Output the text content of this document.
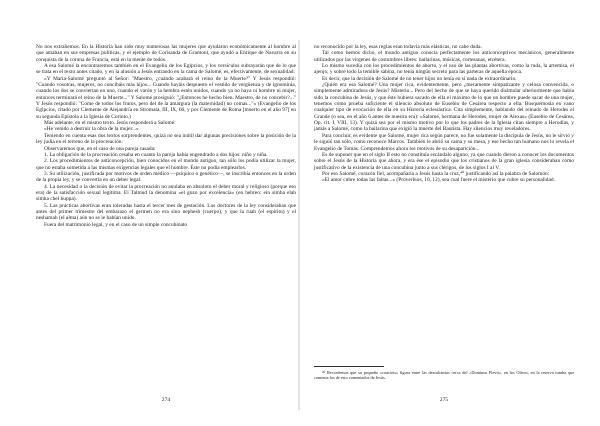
No nos extrañemos. En la Historia han sido muy numerosas las mujeres que ayudaron económicamente al hombre al que amaban en sus empresas políticas, y el ejemplo de Corisanda de Gramont, que ayudó a Enrique de Navarra en su conquista de la corona de Francia, está en la mente de todos.

A esa Salomé la encontraremos también en el Evangelio de los Egipcios, y los versículos subrayarán que de lo que se trata en el texto antes citado, y en la alusión a Jesús entrando en la cama de Salomé, es, efectivamente, de sexualidad:

«Y María-Salomé preguntó al Señor: "Maestro, ¿cuándo acabará el reino de la Muerte?" Y Jesús respondió: "Cuando vosotras, mujeres, no concibáis más hijos... Cuando hayáis despuesto el vestido de vergüenza y de ignominia, cuando los dos se conviertan en uno, cuando el varón y la hembra estén unidos, cuando ya no haya ni hombre ni mujer, entonces terminará el reino de la Muerte..." Y Salomé prosiguió: "¿Entonces he hecho bien. Maestro, de no concebir?..." Y Jesús respondió: "Come de todos los frutos, pero del de la amargura (la maternidad) no comas..."» (Evangelio de los Egipcios, citado por Clemente de Alejandría en Stromata, III, IX, 66, y por Clemente de Roma [muerto en el año 97] en su segunda Epístola a la Iglesia de Corinto.)

Más adelante, en el mismo texto. Jesús responderá a Salomé:

«He venido a destruir la obra de la mujer...»

Teniendo en cuenta esas dos textos sorprendentes, quizá no sea inútil dar algunas precisiones sobre la posición de la ley judía en el terreno de la procreación:

Observaremos que, en el caso de una pareja casada:

1. La obligación de la procreación cesaba en cuanto la pareja había engendrado a dos hijos: niño y niña.

2. Los procedimientos de anticoncepción, bien conocidos en el mundo antiguo, tan sólo los podía utilizar la mujer, que no estaba sometida a las mismas exigencias legales que el hombre. Éste no podía emplearlos.

3. Su utilización, justificada por motivos de orden médico —psíquico o genético—, se inscribía entonces en la orden de la propia ley, y se convertía en un deber legal.

4. La necesidad o la decisión de evitar la procreación no anulaba en absoluto el deber moral y religioso (porque eso era) de la satisfacción sexual legítima. El Talmud la denomina «el gozo por excelencia» (en hebreo: ein simha elah simha chel huppa).

5. Las prácticas abortivas eran toleradas hasta el tercer mes de gestación. Los doctores de la ley consideraban que antes del primer trimestre del embarazo el germen no era sino nephesh (cuerpo), y que la ruah (el espíritu) y el neshamah (el alma) aún no se le habían unido.

Fuera del matrimonio legal, y en el caso de un simple concubinato

274

no reconocido por la ley, esas reglas eran todavía más elásticas, no cabe duda.

Tal como hemos dicho, el mundo antiguo conocía perfectamente los anticonceptivos mecánicos, generalmente utilizados por las vírgenes de costumbres libres: bailarinas, músicas, cortesanas, etcétera.

Lo mismo sucedía con los procedimientos de aborto, y el uso de las plantas abortivas, como la ruda, la artemisa, el ajenjo, y sobre todo la temible sabina, no tenía ningún secreto para las parteras de aquella época.

Es decir, que la decisión de Salomé de no tener hijos no tenía en sí nada de extraordinario.

¿Quién era esa Salomé? Una mujer rica, evidentemente, pero ¿meramente simpatizante y celosa convencida, o simplemente admiradora de Jesús? Misterio... Pero del hecho de que se haya querido disimular ulteriormente que había sido la concubina de Jesús, y que éste hubiera sacado de ella el máximo de lo que un hombre puede sacar de una mujer, tenemos como prueba suficiente el silencio absoluto de Eusebio de Cesárea respecto a ella. Busquémosla en vano cualquier tipo de evocación de ella en su Historia eclesiástica. Cita simplemente, hablando del reinado de Herodes el Grande (o sea, en el año 6 antes de nuestra era): «Salomé, hermana de Herodes, mujer de Alexas» (Eusebio de Cesárea, Op. cit. I, VIII, 13). Y quizá sea por el mismo motivo por lo que los padres de la Iglesia citan siempre a Herodías, y jamás a Salomé, como la bailarina que exigió la muerte del Bautista. Hay silencios muy reveladores.

Para concluir, es evidente que Salomé, mujer rica según parece, no fue solamente la discípula de Jesús, no le sirvió y le siguió tan sólo, como reconoce Marcos. También le abrió su cama y su mesa, y ese hecho tan humano nos lo revela el Evangelio de Tomás. Comprendemos ahora los motivos de su desaparición...

Es de suponer que en el siglo II esto no constituía escándalo alguno, ya que cuando dieron a conocer los documentos sobre el Jesús de la Historia que ahora, y era ése el episodio que los cristianos de la gran iglesia consideraban como justificativo de la existencia de una concubina junto a sus clérigos, de los siglos I al V.

Por eso Salomé, corazón fiel, acompañaría a Jesús hasta la cruz,⁴⁰ justificando así la palabra de Salomón:

«El amor cubre todas las faltas...» (Proverbios, 10, 12), sea cual fuere el misterio que cubre su personalidad.

⁴⁰ Recordemos que su pequeño «courtois» figura entre las descubiertas cerca del «Dominus Flevit», en los Olivos, en la reserva tumba que comenta los de esto comentados de Jesús.

275
